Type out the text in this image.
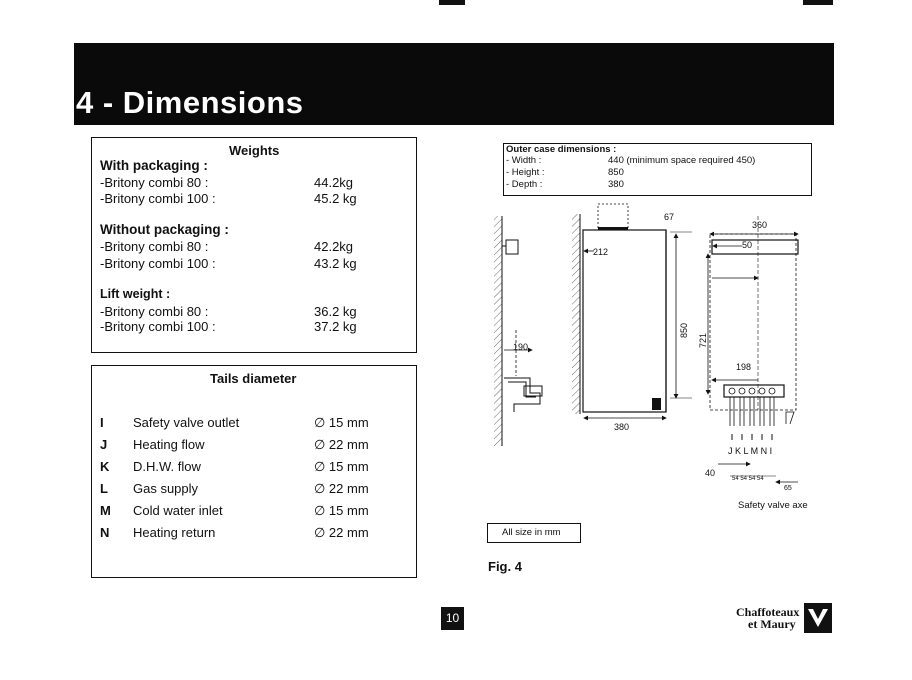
4 - Dimensions
Weights
With packaging :
-Britony combi 80 :	44.2kg
-Britony combi 100 :	45.2 kg
Without packaging :
-Britony combi 80 :	42.2kg
-Britony combi 100 :	43.2 kg
Lift weight :
-Britony combi 80 :	36.2 kg
-Britony combi 100 :	37.2 kg
Tails diameter
I Safety valve outlet	∅ 15 mm
J Heating flow	∅ 22 mm
K D.H.W. flow	∅ 15 mm
L Gas supply	∅ 22 mm
M Cold water inlet	∅ 15 mm
N Heating return	∅ 22 mm
Outer case dimensions :
- Width :	440 (minimum space required 450)
- Height :	850
- Depth :	380
190
212
380
67
850
360
50
721
198
J K L M N I
40
54 54 54 54
65
Safety valve axe
All size in mm
Fig. 4
10	Chaffoteaux
et Maury
